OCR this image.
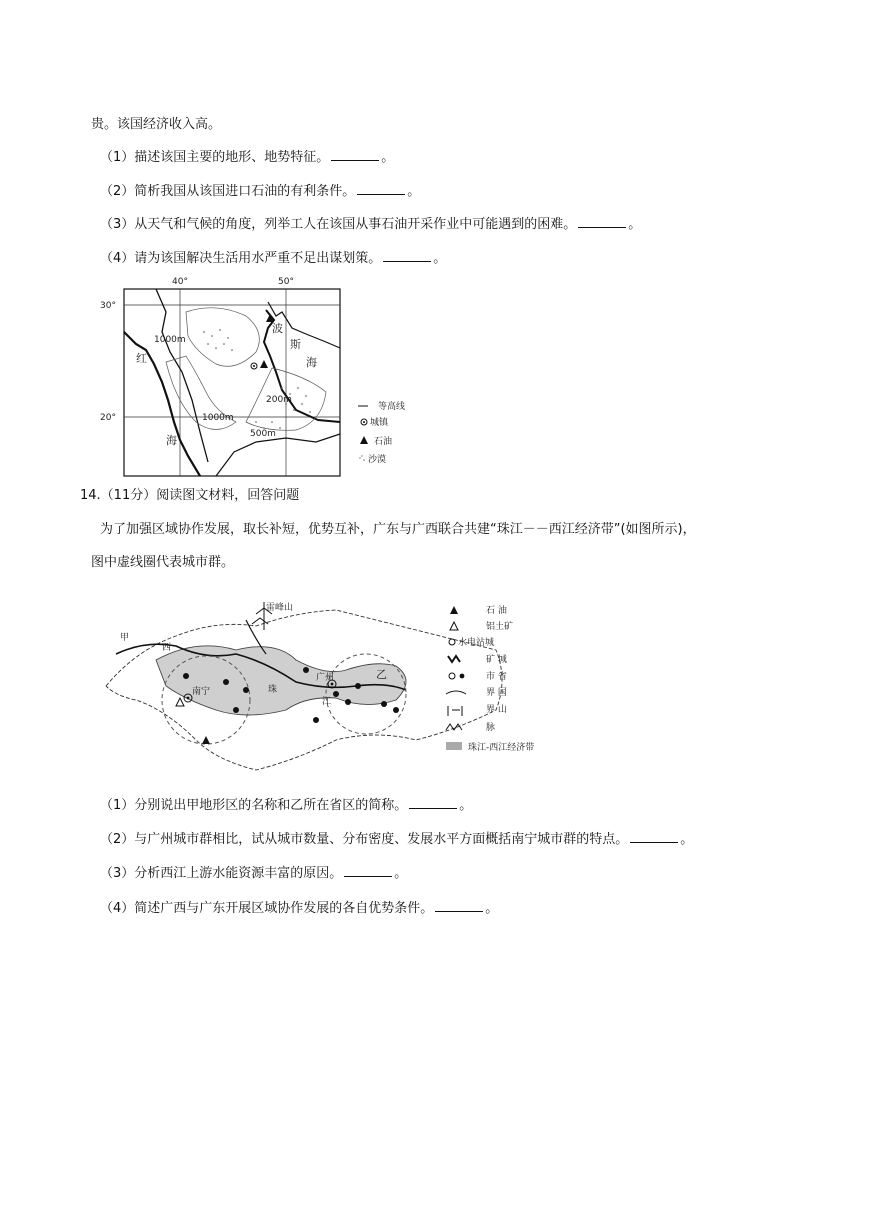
贵。该国经济收入高。
（1）描述该国主要的地形、地势特征。	。
（2）简析我国从该国进口石油的有利条件。	。
（3）从天气和气候的角度，列举工人在该国从事石油开采作业中可能遇到的困难。	。
（4）请为该国解决生活用水严重不足出谋划策。	。
40°	50°
30°
20°
1000m
200m
1000m
500m
波
斯
海
红
海
等高线
城镇
石油
沙漠
14.（11分）阅读图文材料，回答问题
为了加强区域协作发展，取长补短，优势互补，广东与广西联合共建“珠江－－西江经济带”(如图所示)，
图中虚线圈代表城市群。
雷峰山
甲
西
南宁	珠
广州
江
乙
石 油
铝土矿
水电站城
矿 城
市 省
界 国
界 山
脉
珠江-西江经济带
（1）分别说出甲地形区的名称和乙所在省区的简称。	。
（2）与广州城市群相比，试从城市数量、分布密度、发展水平方面概括南宁城市群的特点。	。
（3）分析西江上游水能资源丰富的原因。	。
（4）简述广西与广东开展区域协作发展的各自优势条件。	。
